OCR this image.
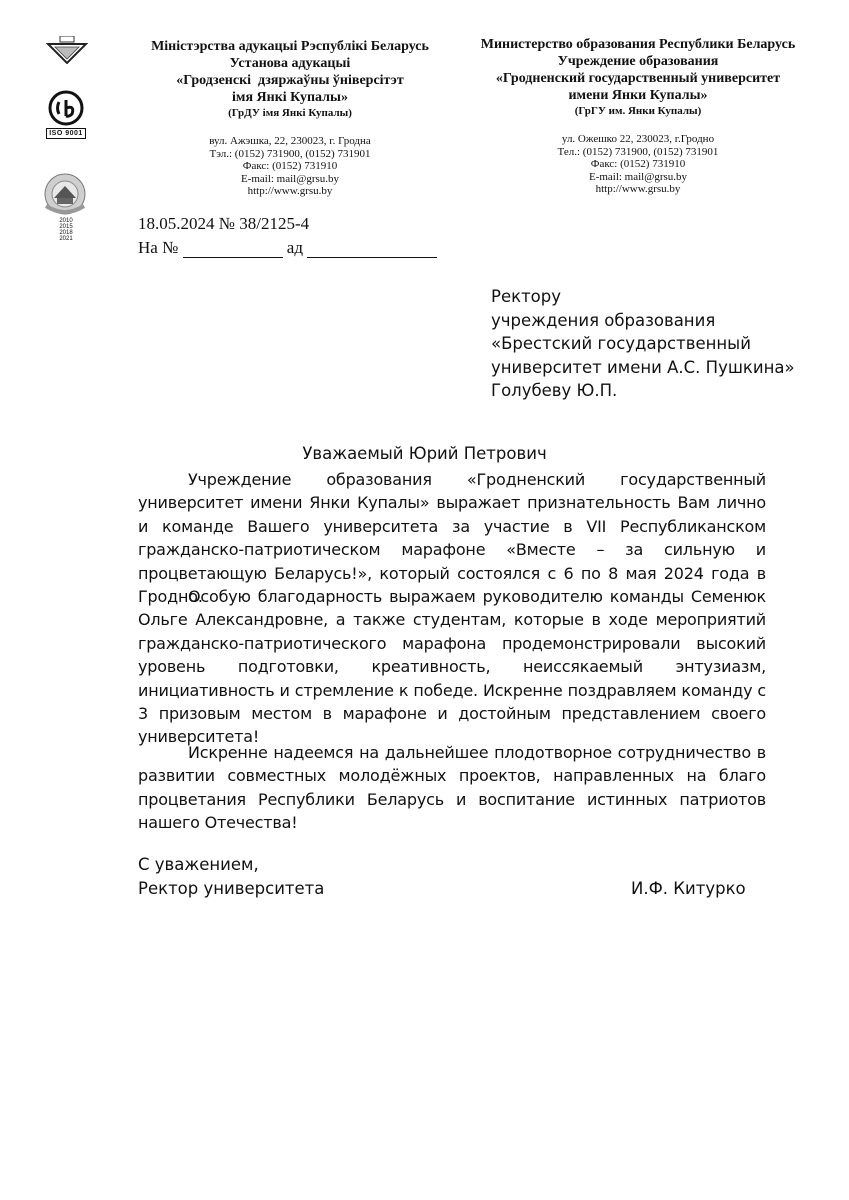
ISO 9001
2010
2015
2018
2021
Міністэрства адукацыі Рэспублікі Беларусь
Установа адукацыі
«Гродзенскі  дзяржаўны ўніверсітэт
імя Янкі Купалы»
(ГрДУ імя Янкі Купалы)
вул. Ажэшка, 22, 230023, г. Гродна
Тэл.: (0152) 731900, (0152) 731901
Факс: (0152) 731910
E-mail: mail@grsu.by
http://www.grsu.by
Министерство образования Республики Беларусь
Учреждение образования
«Гродненский государственный университет
имени Янки Купалы»
(ГрГУ им. Янки Купалы)
ул. Ожешко 22, 230023, г.Гродно
Тел.: (0152) 731900, (0152) 731901
Факс: (0152) 731910
E-mail: mail@grsu.by
http://www.grsu.by
18.05.2024 № 38/2125-4
На №	ад
Ректору
учреждения образования
«Брестский государственный
университет имени А.С. Пушкина»
Голубеву Ю.П.
Уважаемый Юрий Петрович

Учреждение образования «Гродненский государственный университет имени Янки Купалы» выражает признательность Вам лично и команде Вашего университета за участие в VII Республиканском гражданско-патриотическом марафоне «Вместе – за сильную и процветающую Беларусь!», который состоялся с 6 по 8 мая 2024 года в Гродно.

Особую благодарность выражаем руководителю команды Семенюк Ольге Александровне, а также студентам, которые в ходе мероприятий гражданско-патриотического марафона продемонстрировали высокий уровень подготовки, креативность, неиссякаемый энтузиазм, инициативность и стремление к победе. Искренне поздравляем команду с 3 призовым местом в марафоне и достойным представлением своего университета!

Искренне надеемся на дальнейшее плодотворное сотрудничество в развитии совместных молодёжных проектов, направленных на благо процветания Республики Беларусь и воспитание истинных патриотов нашего Отечества!

С уважением,
Ректор университета	И.Ф. Китурко
